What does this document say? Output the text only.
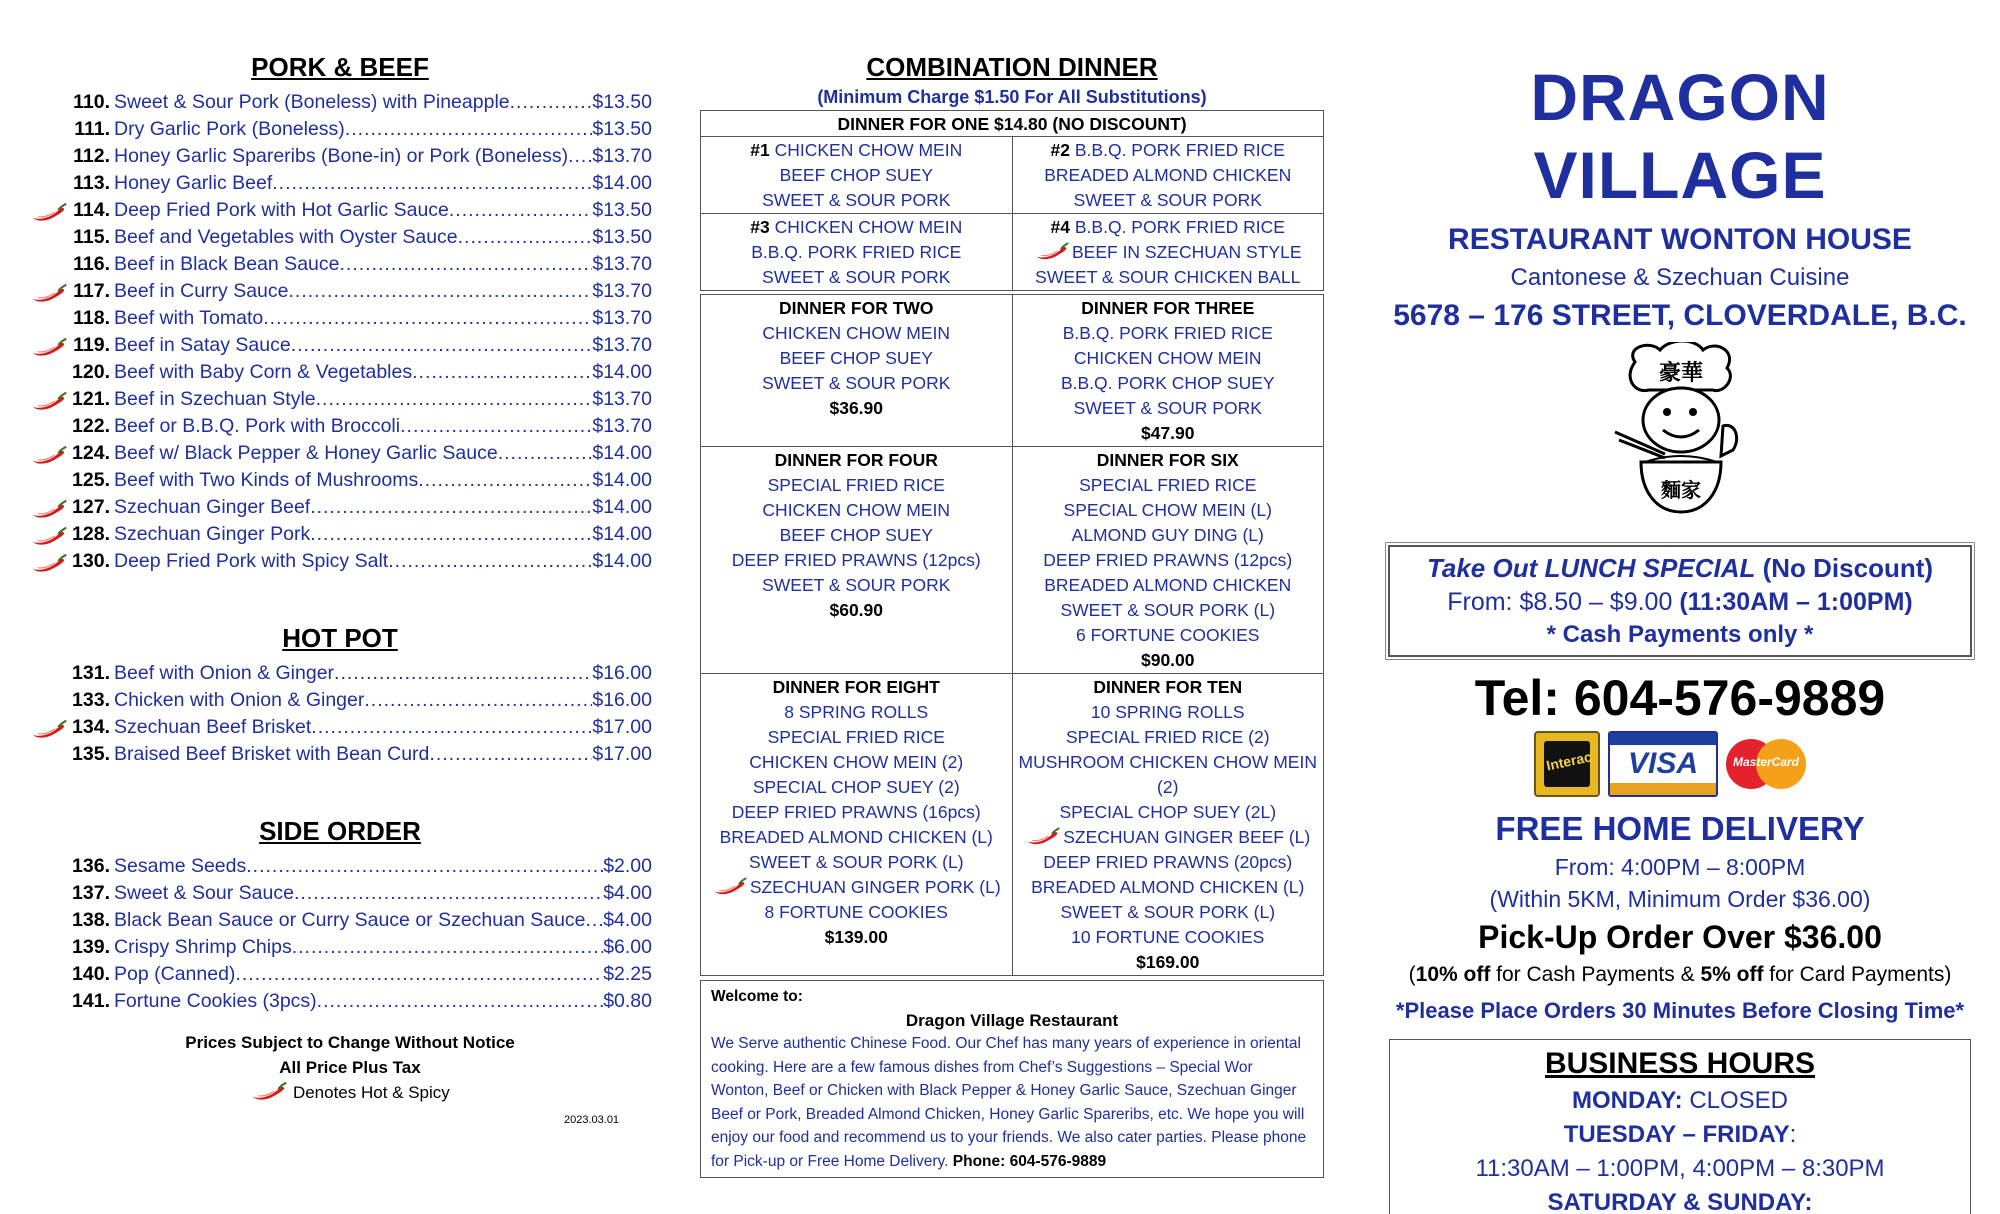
PORK & BEEF
110. Sweet & Sour Pork (Boneless) with Pineapple .....	$13.50
111. Dry Garlic Pork (Boneless) .....	$13.50
112. Honey Garlic Spareribs (Bone-in) or Pork (Boneless) ..... $13.70
113. Honey Garlic Beef .....	$14.00
114. Deep Fried Pork with Hot Garlic Sauce .....	$13.50
115. Beef and Vegetables with Oyster Sauce .....	$13.50
116. Beef in Black Bean Sauce .....	$13.70
117. Beef in Curry Sauce .....	$13.70
118. Beef with Tomato .....	$13.70
119. Beef in Satay Sauce .....	$13.70
120. Beef with Baby Corn & Vegetables .....	$14.00
121. Beef in Szechuan Style .....	$13.70
122. Beef or B.B.Q. Pork with Broccoli .....	$13.70
124. Beef w/ Black Pepper & Honey Garlic Sauce .....	$14.00
125. Beef with Two Kinds of Mushrooms .....	$14.00
127. Szechuan Ginger Beef .....	$14.00
128. Szechuan Ginger Pork .....	$14.00
130. Deep Fried Pork with Spicy Salt .....	$14.00
HOT POT
131. Beef with Onion & Ginger .....	$16.00
133. Chicken with Onion & Ginger .....	$16.00
134. Szechuan Beef Brisket .....	$17.00
135. Braised Beef Brisket with Bean Curd .....	$17.00
SIDE ORDER
136. Sesame Seeds .....	$2.00
137. Sweet & Sour Sauce .....	$4.00
138. Black Bean Sauce or Curry Sauce or Szechuan Sauce ..... $4.00
139. Crispy Shrimp Chips .....	$6.00
140. Pop (Canned) .....	$2.25
141. Fortune Cookies (3pcs) .....	$0.80
Prices Subject to Change Without Notice
All Price Plus Tax
Denotes Hot & Spicy
2023.03.01
COMBINATION DINNER
(Minimum Charge $1.50 For All Substitutions)
DINNER FOR ONE $14.80 (NO DISCOUNT)
#1 CHICKEN CHOW MEIN
BEEF CHOP SUEY
SWEET & SOUR PORK
#2 B.B.Q. PORK FRIED RICE
BREADED ALMOND CHICKEN
SWEET & SOUR PORK
#3 CHICKEN CHOW MEIN
B.B.Q. PORK FRIED RICE
SWEET & SOUR PORK
#4 B.B.Q. PORK FRIED RICE
BEEF IN SZECHUAN STYLE
SWEET & SOUR CHICKEN BALL
DINNER FOR TWO
CHICKEN CHOW MEIN
BEEF CHOP SUEY
SWEET & SOUR PORK
$36.90
DINNER FOR THREE
B.B.Q. PORK FRIED RICE
CHICKEN CHOW MEIN
B.B.Q. PORK CHOP SUEY
SWEET & SOUR PORK
$47.90
DINNER FOR FOUR
SPECIAL FRIED RICE
CHICKEN CHOW MEIN
BEEF CHOP SUEY
DEEP FRIED PRAWNS (12pcs)
SWEET & SOUR PORK
$60.90
DINNER FOR SIX
SPECIAL FRIED RICE
SPECIAL CHOW MEIN (L)
ALMOND GUY DING (L)
DEEP FRIED PRAWNS (12pcs)
BREADED ALMOND CHICKEN
SWEET & SOUR PORK (L)
6 FORTUNE COOKIES
$90.00
DINNER FOR EIGHT
8 SPRING ROLLS
SPECIAL FRIED RICE
CHICKEN CHOW MEIN (2)
SPECIAL CHOP SUEY (2)
DEEP FRIED PRAWNS (16pcs)
BREADED ALMOND CHICKEN (L)
SWEET & SOUR PORK (L)
SZECHUAN GINGER PORK (L)
8 FORTUNE COOKIES
$139.00
DINNER FOR TEN
10 SPRING ROLLS
SPECIAL FRIED RICE (2)
MUSHROOM CHICKEN CHOW MEIN (2)
SPECIAL CHOP SUEY (2L)
SZECHUAN GINGER BEEF (L)
DEEP FRIED PRAWNS (20pcs)
BREADED ALMOND CHICKEN (L)
SWEET & SOUR PORK (L)
10 FORTUNE COOKIES
$169.00
Welcome to:
Dragon Village Restaurant
We Serve authentic Chinese Food. Our Chef has many years of experience in oriental cooking. Here are a few famous dishes from Chef’s Suggestions – Special Wor Wonton, Beef or Chicken with Black Pepper & Honey Garlic Sauce, Szechuan Ginger Beef or Pork, Breaded Almond Chicken, Honey Garlic Spareribs, etc. We hope you will enjoy our food and recommend us to your friends. We also cater parties. Please phone for Pick-up or Free Home Delivery. Phone: 604-576-9889
DRAGON VILLAGE
RESTAURANT WONTON HOUSE
Cantonese & Szechuan Cuisine
5678 – 176 STREET, CLOVERDALE, B.C.
豪華
麵家
Take Out LUNCH SPECIAL (No Discount)
From: $8.50 – $9.00 (11:30AM – 1:00PM)
* Cash Payments only *
Tel: 604-576-9889
Interac	VISA	MasterCard
FREE HOME DELIVERY
From: 4:00PM – 8:00PM
(Within 5KM, Minimum Order $36.00)
Pick-Up Order Over $36.00
(10% off for Cash Payments & 5% off for Card Payments)
*Please Place Orders 30 Minutes Before Closing Time*
BUSINESS HOURS
MONDAY: CLOSED
TUESDAY – FRIDAY:
11:30AM – 1:00PM, 4:00PM – 8:30PM
SATURDAY & SUNDAY:
